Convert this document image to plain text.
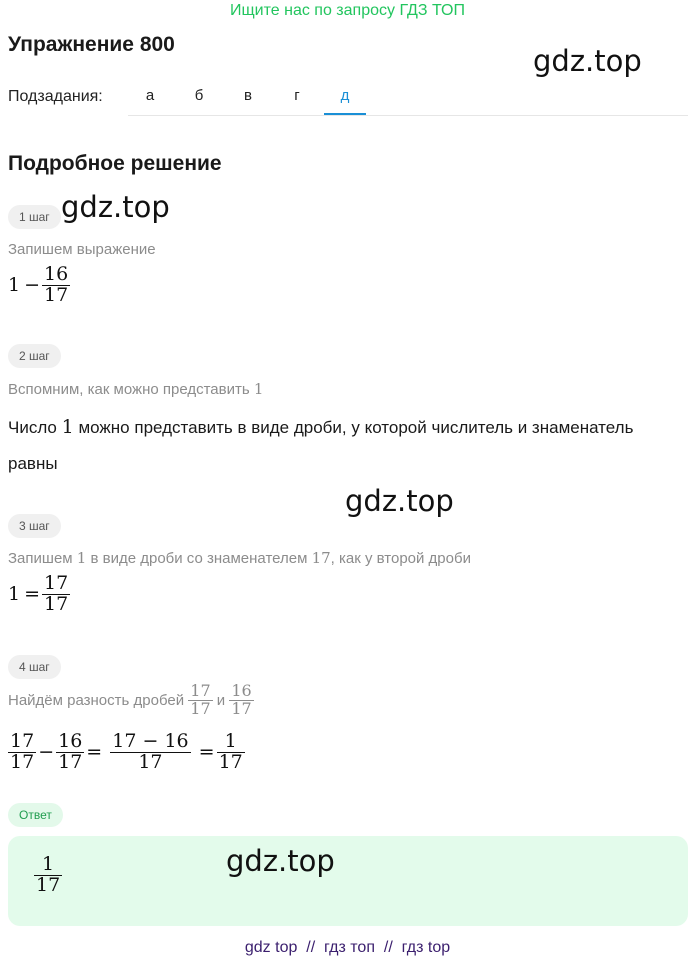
Ищите нас по запросу ГДЗ ТОП
Упражнение 800	gdz.top
Подзадания:	а	б	в	г	д
Подробное решение
1 шаг gdz.top
Запишем выражение
$1 - \frac{16}{17}$
2 шаг
Вспомним, как можно представить 1
Число 1 можно представить в виде дроби, у которой числитель и знаменатель
равны
gdz.top
3 шаг
Запишем 1 в виде дроби со знаменателем 17, как у второй дроби
$1 = \frac{17}{17}$
4 шаг
Найдём разность дробей $\frac{17}{17}$ и $\frac{16}{17}$
$\frac{17}{17} - \frac{16}{17} = \frac{17 - 16}{17} = \frac{1}{17}$
Ответ
$\frac{1}{17}$	gdz.top
gdz top  //  гдз топ  //  гдз top
